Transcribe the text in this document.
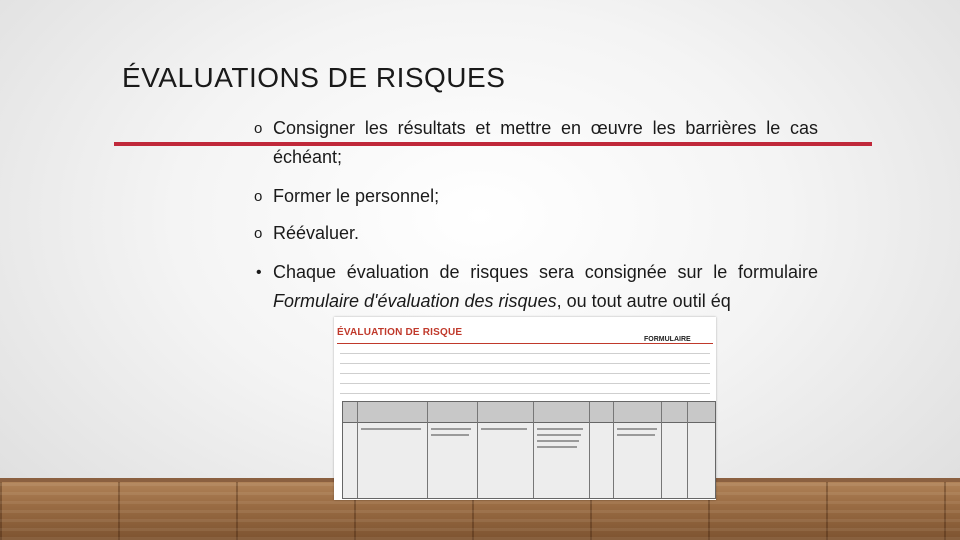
ÉVALUATIONS DE RISQUES
o Consigner les résultats et mettre en œuvre les barrières le cas échéant;
o Former le personnel;
o Réévaluer.
• Chaque évaluation de risques sera consignée sur le formulaire Formulaire d'évaluation des risques, ou tout autre outil éq
ÉVALUATION DE RISQUE
FORMULAIRE
